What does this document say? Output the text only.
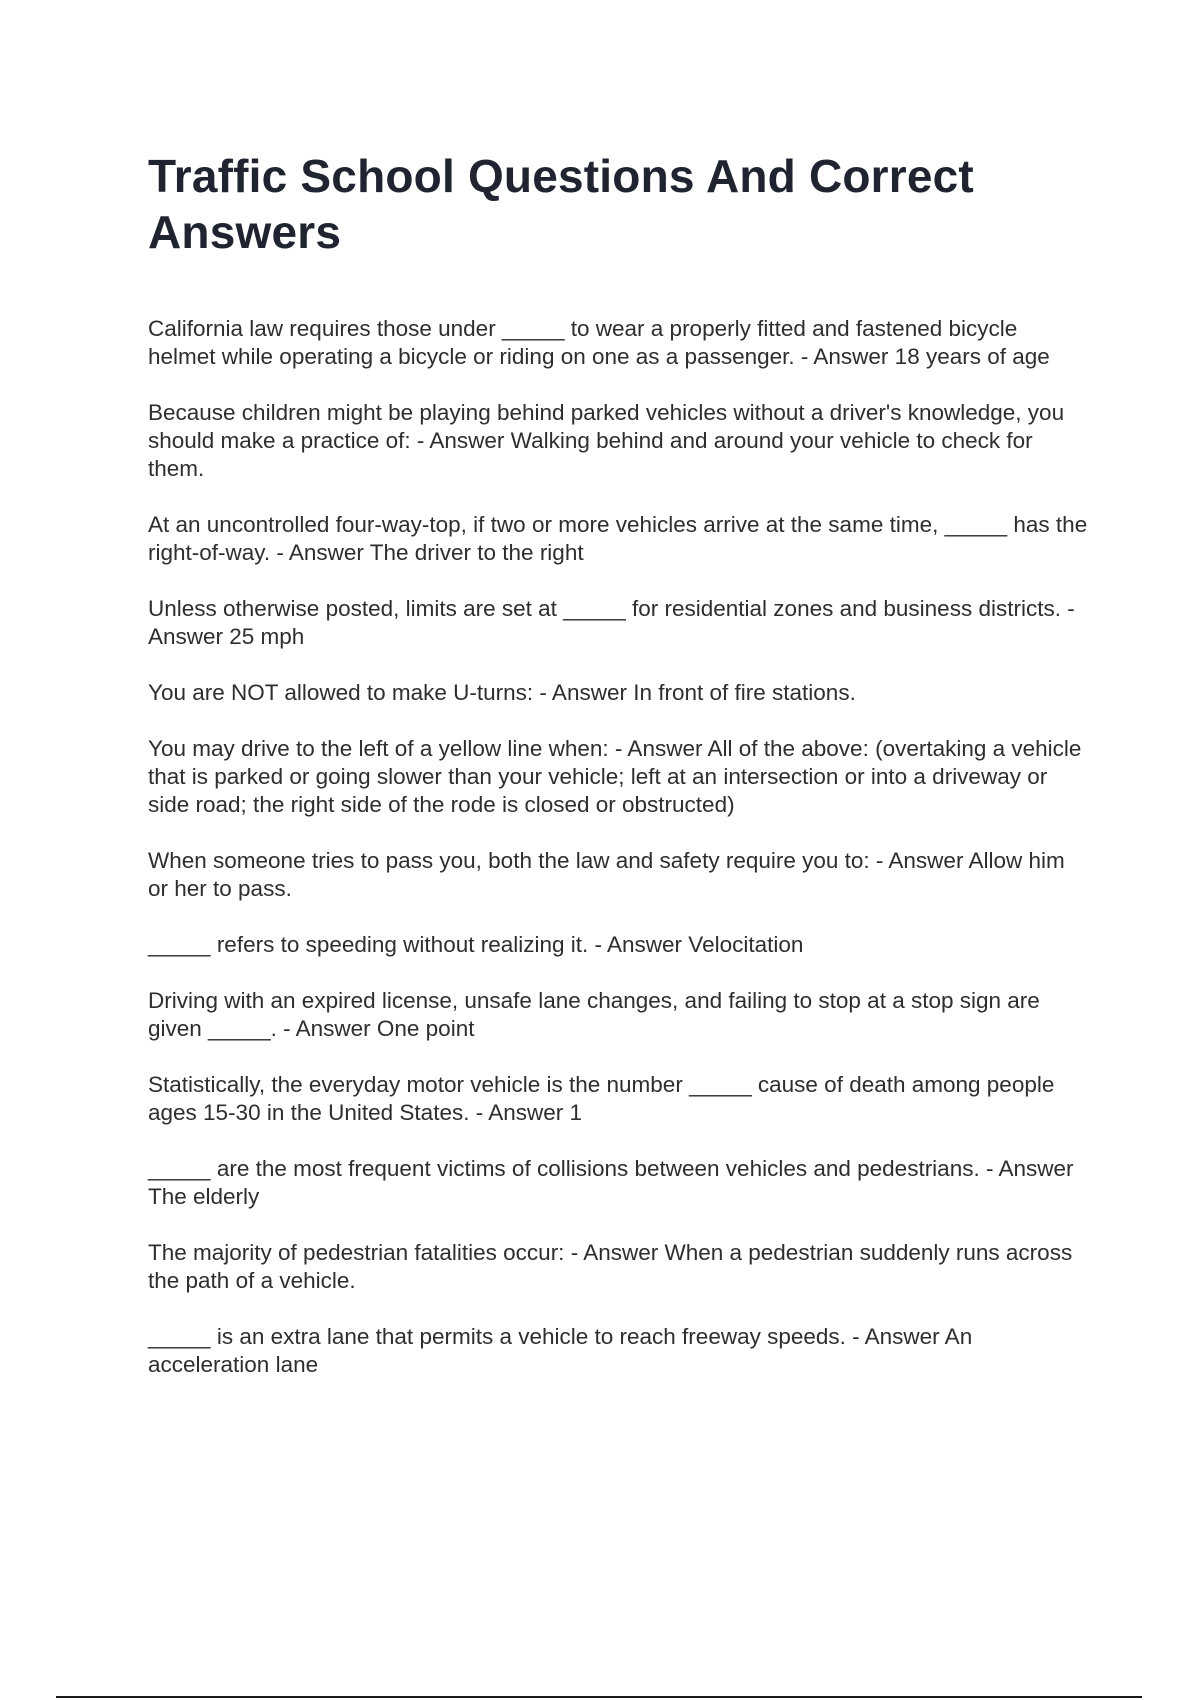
Traffic School Questions And Correct Answers

California law requires those under _____ to wear a properly fitted and fastened bicycle helmet while operating a bicycle or riding on one as a passenger. - Answer 18 years of age

Because children might be playing behind parked vehicles without a driver's knowledge, you should make a practice of: - Answer Walking behind and around your vehicle to check for them.

At an uncontrolled four-way-top, if two or more vehicles arrive at the same time, _____ has the right-of-way. - Answer The driver to the right

Unless otherwise posted, limits are set at _____ for residential zones and business districts. - Answer 25 mph

You are NOT allowed to make U-turns: - Answer In front of fire stations.

You may drive to the left of a yellow line when: - Answer All of the above: (overtaking a vehicle that is parked or going slower than your vehicle; left at an intersection or into a driveway or side road; the right side of the rode is closed or obstructed)

When someone tries to pass you, both the law and safety require you to: - Answer Allow him or her to pass.

_____ refers to speeding without realizing it. - Answer Velocitation

Driving with an expired license, unsafe lane changes, and failing to stop at a stop sign are given _____. - Answer One point

Statistically, the everyday motor vehicle is the number _____ cause of death among people ages 15-30 in the United States. - Answer 1

_____ are the most frequent victims of collisions between vehicles and pedestrians. - Answer The elderly

The majority of pedestrian fatalities occur: - Answer When a pedestrian suddenly runs across the path of a vehicle.

_____ is an extra lane that permits a vehicle to reach freeway speeds. - Answer An acceleration lane
